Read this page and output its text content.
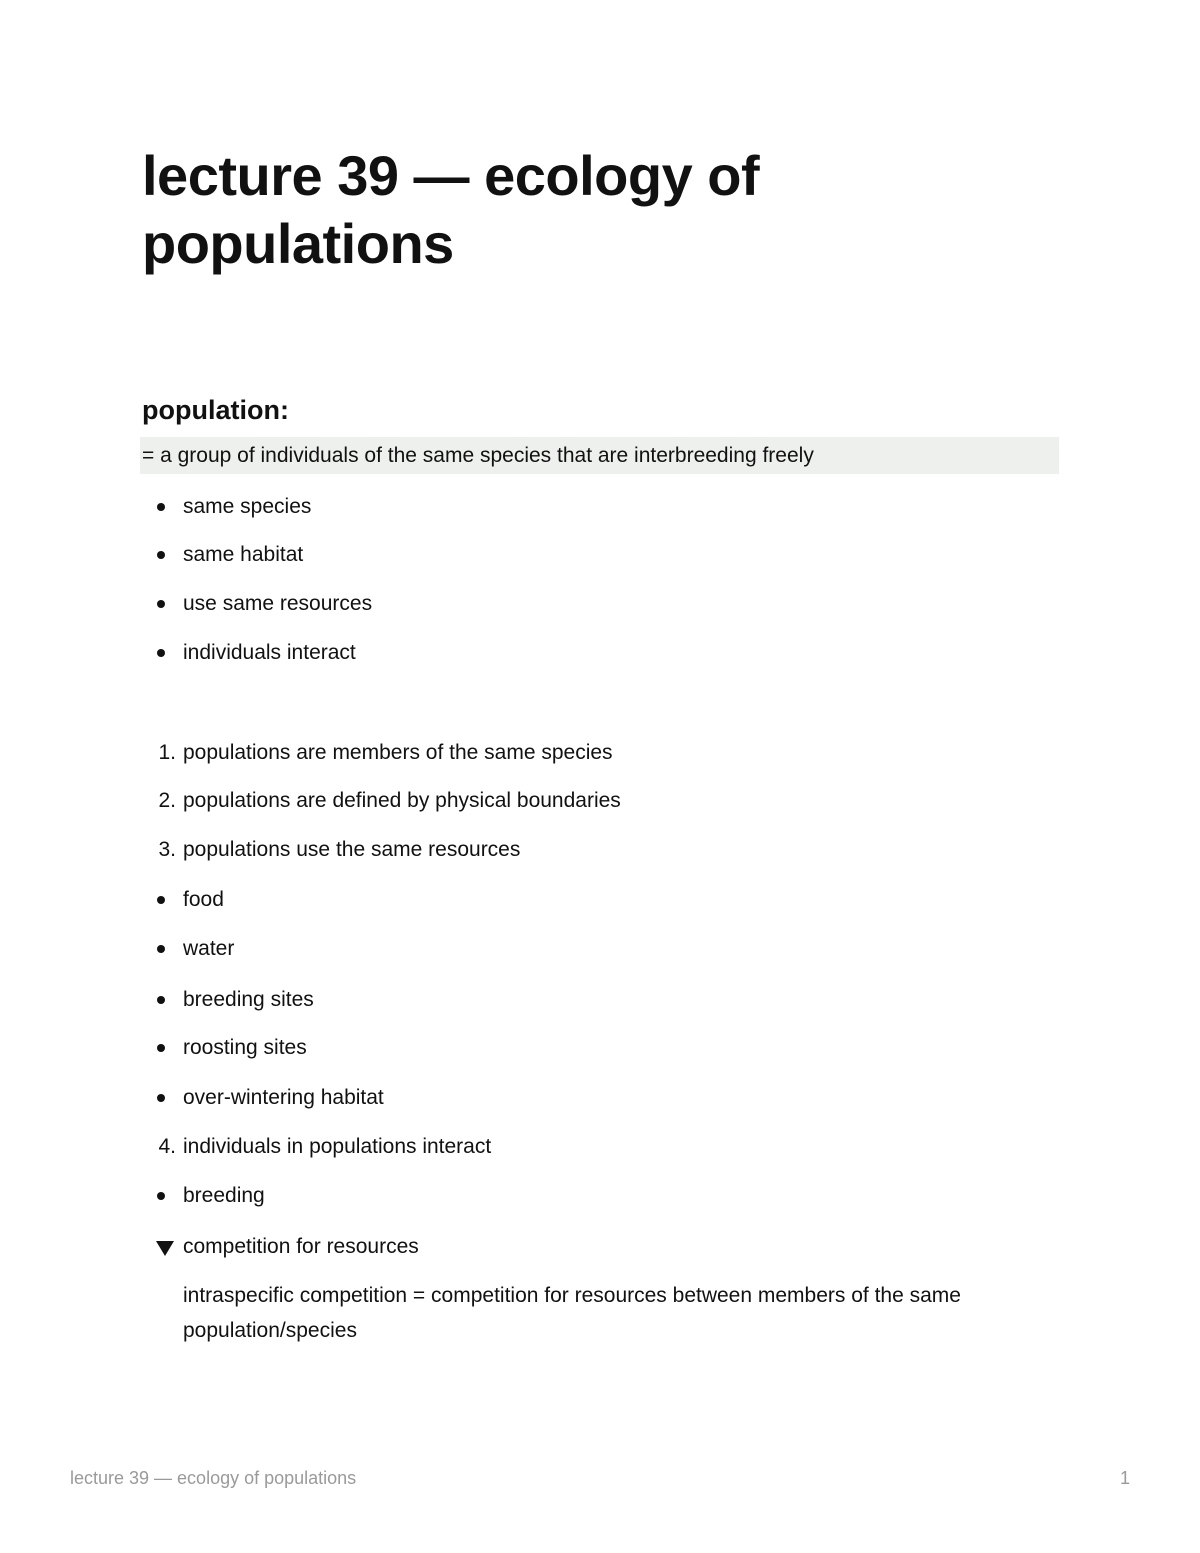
lecture 39 — ecology of populations
population:
= a group of individuals of the same species that are interbreeding freely
same species
same habitat
use same resources
individuals interact
1. populations are members of the same species
2. populations are defined by physical boundaries
3. populations use the same resources
food
water
breeding sites
roosting sites
over-wintering habitat
4. individuals in populations interact
breeding
competition for resources

intraspecific competition = competition for resources between members of the same population/species

lecture 39 — ecology of populations	1
